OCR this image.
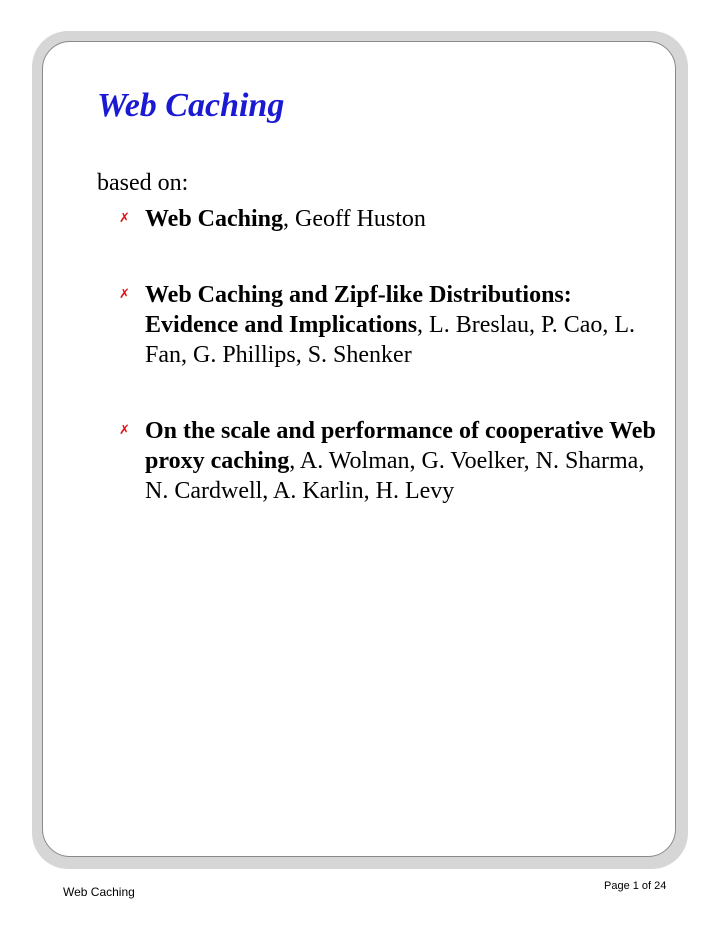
Web Caching
based on:
✗ Web Caching, Geoff Huston
✗ Web Caching and Zipf-like Distributions: Evidence and Implications, L. Breslau, P. Cao, L. Fan, G. Phillips, S. Shenker
✗ On the scale and performance of cooperative Web proxy caching, A. Wolman, G. Voelker, N. Sharma, N. Cardwell, A. Karlin, H. Levy
Web Caching	Page 1 of 24
